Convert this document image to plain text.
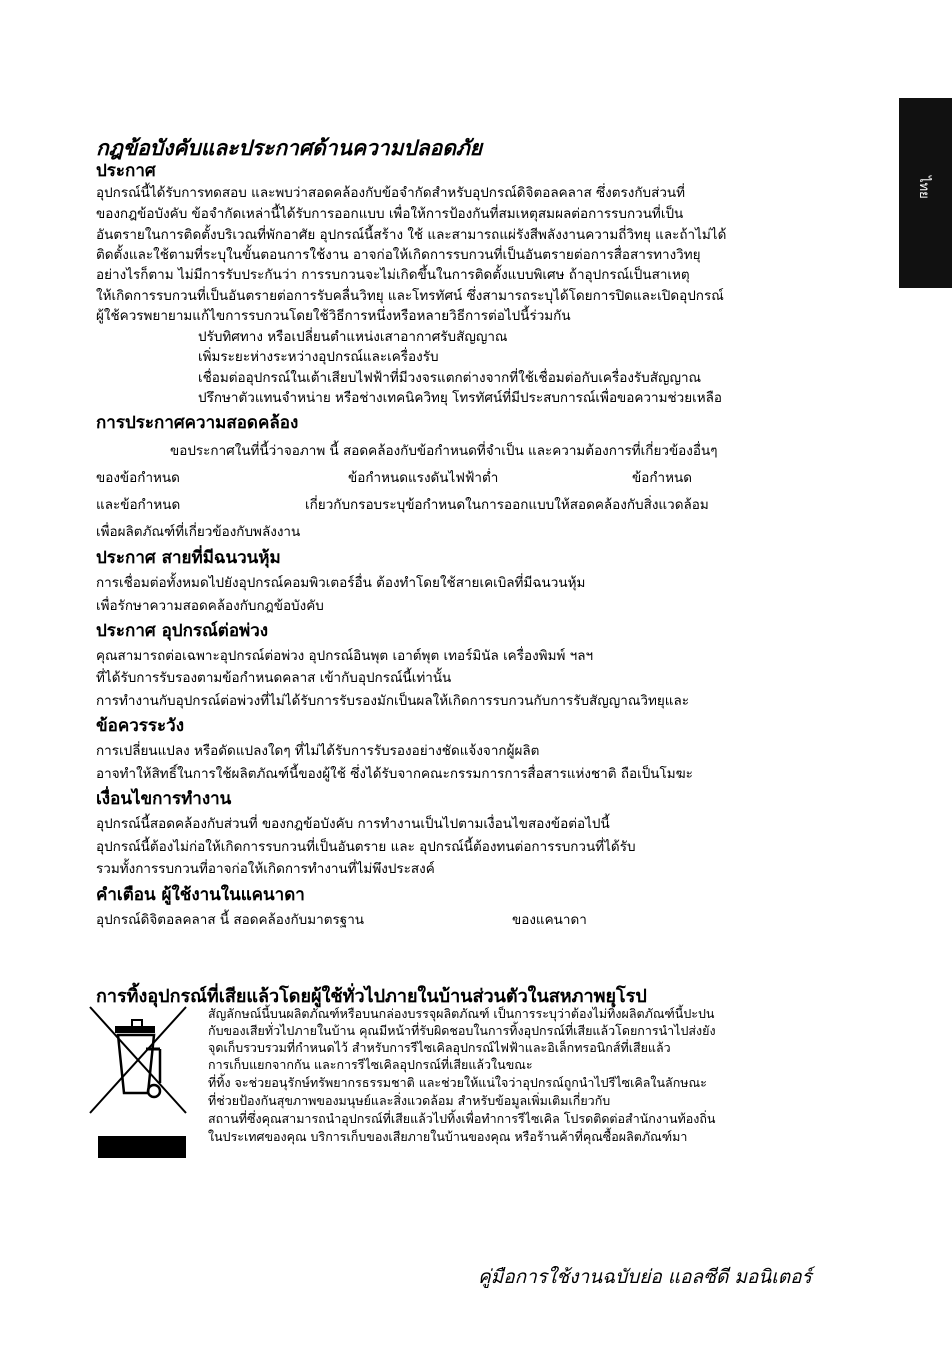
ไทย
กฎข้อบังคับและประกาศด้านความปลอดภัย
ประกาศ
อุปกรณ์นี้ได้รับการทดสอบ และพบว่าสอดคล้องกับข้อจำกัดสำหรับอุปกรณ์ดิจิตอลคลาส ซึ่งตรงกับส่วนที่
ของกฎข้อบังคับ ข้อจำกัดเหล่านี้ได้รับการออกแบบ เพื่อให้การป้องกันที่สมเหตุสมผลต่อการรบกวนที่เป็น
อันตรายในการติดตั้งบริเวณที่พักอาศัย อุปกรณ์นี้สร้าง ใช้ และสามารถแผ่รังสีพลังงานความถี่วิทยุ และถ้าไม่ได้
ติดตั้งและใช้ตามที่ระบุในขั้นตอนการใช้งาน อาจก่อให้เกิดการรบกวนที่เป็นอันตรายต่อการสื่อสารทางวิทยุ
อย่างไรก็ตาม ไม่มีการรับประกันว่า การรบกวนจะไม่เกิดขึ้นในการติดตั้งแบบพิเศษ ถ้าอุปกรณ์เป็นสาเหตุ
ให้เกิดการรบกวนที่เป็นอันตรายต่อการรับคลื่นวิทยุ และโทรทัศน์ ซึ่งสามารถระบุได้โดยการปิดและเปิดอุปกรณ์
ผู้ใช้ควรพยายามแก้ไขการรบกวนโดยใช้วิธีการหนึ่งหรือหลายวิธีการต่อไปนี้ร่วมกัน
ปรับทิศทาง หรือเปลี่ยนตำแหน่งเสาอากาศรับสัญญาณ
เพิ่มระยะห่างระหว่างอุปกรณ์และเครื่องรับ
เชื่อมต่ออุปกรณ์ในเต้าเสียบไฟฟ้าที่มีวงจรแตกต่างจากที่ใช้เชื่อมต่อกับเครื่องรับสัญญาณ
ปรึกษาตัวแทนจำหน่าย หรือช่างเทคนิควิทยุ โทรทัศน์ที่มีประสบการณ์เพื่อขอความช่วยเหลือ
การประกาศความสอดคล้อง
ขอประกาศในที่นี้ว่าจอภาพ นี้ สอดคล้องกับข้อกำหนดที่จำเป็น และความต้องการที่เกี่ยวข้องอื่นๆ
ของข้อกำหนด	ข้อกำหนดแรงดันไฟฟ้าต่ำ	ข้อกำหนด
และข้อกำหนด	เกี่ยวกับกรอบระบุข้อกำหนดในการออกแบบให้สอดคล้องกับสิ่งแวดล้อม
เพื่อผลิตภัณฑ์ที่เกี่ยวข้องกับพลังงาน
ประกาศ สายที่มีฉนวนหุ้ม
การเชื่อมต่อทั้งหมดไปยังอุปกรณ์คอมพิวเตอร์อื่น ต้องทำโดยใช้สายเคเบิลที่มีฉนวนหุ้ม
เพื่อรักษาความสอดคล้องกับกฎข้อบังคับ
ประกาศ อุปกรณ์ต่อพ่วง
คุณสามารถต่อเฉพาะอุปกรณ์ต่อพ่วง อุปกรณ์อินพุต เอาต์พุต เทอร์มินัล เครื่องพิมพ์ ฯลฯ
ที่ได้รับการรับรองตามข้อกำหนดคลาส เข้ากับอุปกรณ์นี้เท่านั้น
การทำงานกับอุปกรณ์ต่อพ่วงที่ไม่ได้รับการรับรองมักเป็นผลให้เกิดการรบกวนกับการรับสัญญาณวิทยุและ
ข้อควรระวัง
การเปลี่ยนแปลง หรือดัดแปลงใดๆ ที่ไม่ได้รับการรับรองอย่างชัดแจ้งจากผู้ผลิต
อาจทำให้สิทธิ์ในการใช้ผลิตภัณฑ์นี้ของผู้ใช้ ซึ่งได้รับจากคณะกรรมการการสื่อสารแห่งชาติ ถือเป็นโมฆะ
เงื่อนไขการทำงาน
อุปกรณ์นี้สอดคล้องกับส่วนที่ ของกฎข้อบังคับ การทำงานเป็นไปตามเงื่อนไขสองข้อต่อไปนี้
อุปกรณ์นี้ต้องไม่ก่อให้เกิดการรบกวนที่เป็นอันตราย และ อุปกรณ์นี้ต้องทนต่อการรบกวนที่ได้รับ
รวมทั้งการรบกวนที่อาจก่อให้เกิดการทำงานที่ไม่พึงประสงค์
คำเตือน ผู้ใช้งานในแคนาดา
อุปกรณ์ดิจิตอลคลาส นี้ สอดคล้องกับมาตรฐาน	ของแคนาดา
การทิ้งอุปกรณ์ที่เสียแล้วโดยผู้ใช้ทั่วไปภายในบ้านส่วนตัวในสหภาพยุโรป
สัญลักษณ์นี้บนผลิตภัณฑ์หรือบนกล่องบรรจุผลิตภัณฑ์ เป็นการระบุว่าต้องไม่ทิ้งผลิตภัณฑ์นี้ปะปน
กับของเสียทั่วไปภายในบ้าน คุณมีหน้าที่รับผิดชอบในการทิ้งอุปกรณ์ที่เสียแล้วโดยการนำไปส่งยัง
จุดเก็บรวบรวมที่กำหนดไว้ สำหรับการรีไซเคิลอุปกรณ์ไฟฟ้าและอิเล็กทรอนิกส์ที่เสียแล้ว
การเก็บแยกจากกัน และการรีไซเคิลอุปกรณ์ที่เสียแล้วในขณะ
ที่ทิ้ง จะช่วยอนุรักษ์ทรัพยากรธรรมชาติ และช่วยให้แน่ใจว่าอุปกรณ์ถูกนำไปรีไซเคิลในลักษณะ
ที่ช่วยป้องกันสุขภาพของมนุษย์และสิ่งแวดล้อม สำหรับข้อมูลเพิ่มเติมเกี่ยวกับ
สถานที่ซึ่งคุณสามารถนำอุปกรณ์ที่เสียแล้วไปทิ้งเพื่อทำการรีไซเคิล โปรดติดต่อสำนักงานท้องถิ่น
ในประเทศของคุณ บริการเก็บของเสียภายในบ้านของคุณ หรือร้านค้าที่คุณซื้อผลิตภัณฑ์มา
คู่มือการใช้งานฉบับย่อ แอลซีดี มอนิเตอร์
